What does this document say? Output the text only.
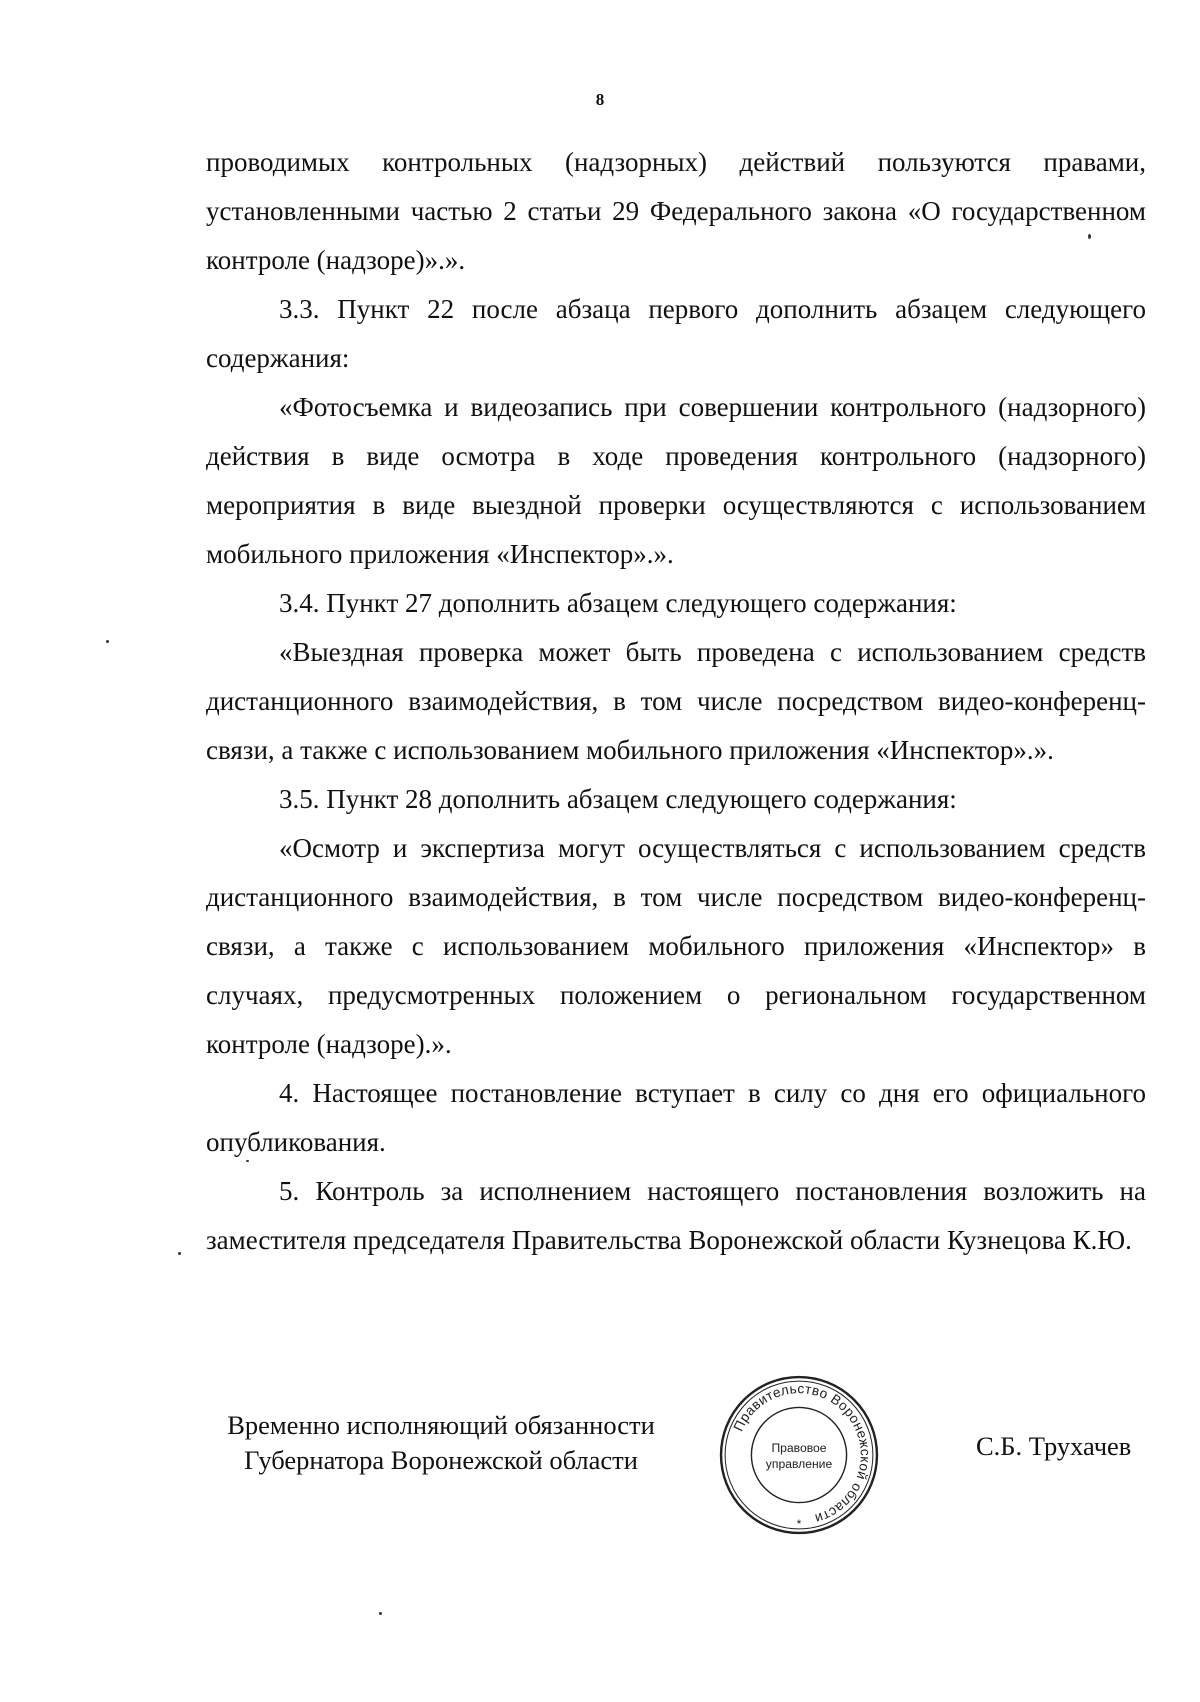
8

проводимых контрольных (надзорных) действий пользуются правами, установленными частью 2 статьи 29 Федерального закона «О государственном контроле (надзоре)».».

3.3. Пункт 22 после абзаца первого дополнить абзацем следующего содержания:

«Фотосъемка и видеозапись при совершении контрольного (надзорного) действия в виде осмотра в ходе проведения контрольного (надзорного) мероприятия в виде выездной проверки осуществляются с использованием мобильного приложения «Инспектор».».

3.4. Пункт 27 дополнить абзацем следующего содержания:

«Выездная проверка может быть проведена с использованием средств дистанционного взаимодействия, в том числе посредством видео-конференц-связи, а также с использованием мобильного приложения «Инспектор».».

3.5. Пункт 28 дополнить абзацем следующего содержания:

«Осмотр и экспертиза могут осуществляться с использованием средств дистанционного взаимодействия, в том числе посредством видео-конференц-связи, а также с использованием мобильного приложения «Инспектор» в случаях, предусмотренных положением о региональном государственном контроле (надзоре).».

4. Настоящее постановление вступает в силу со дня его официального опубликования.

5. Контроль за исполнением настоящего постановления возложить на заместителя председателя Правительства Воронежской области Кузнецова К.Ю.

Временно исполняющий обязанности
Губернатора Воронежской области
Правительство Воронежской области
Правовое
управление
*
С.Б. Трухачев
